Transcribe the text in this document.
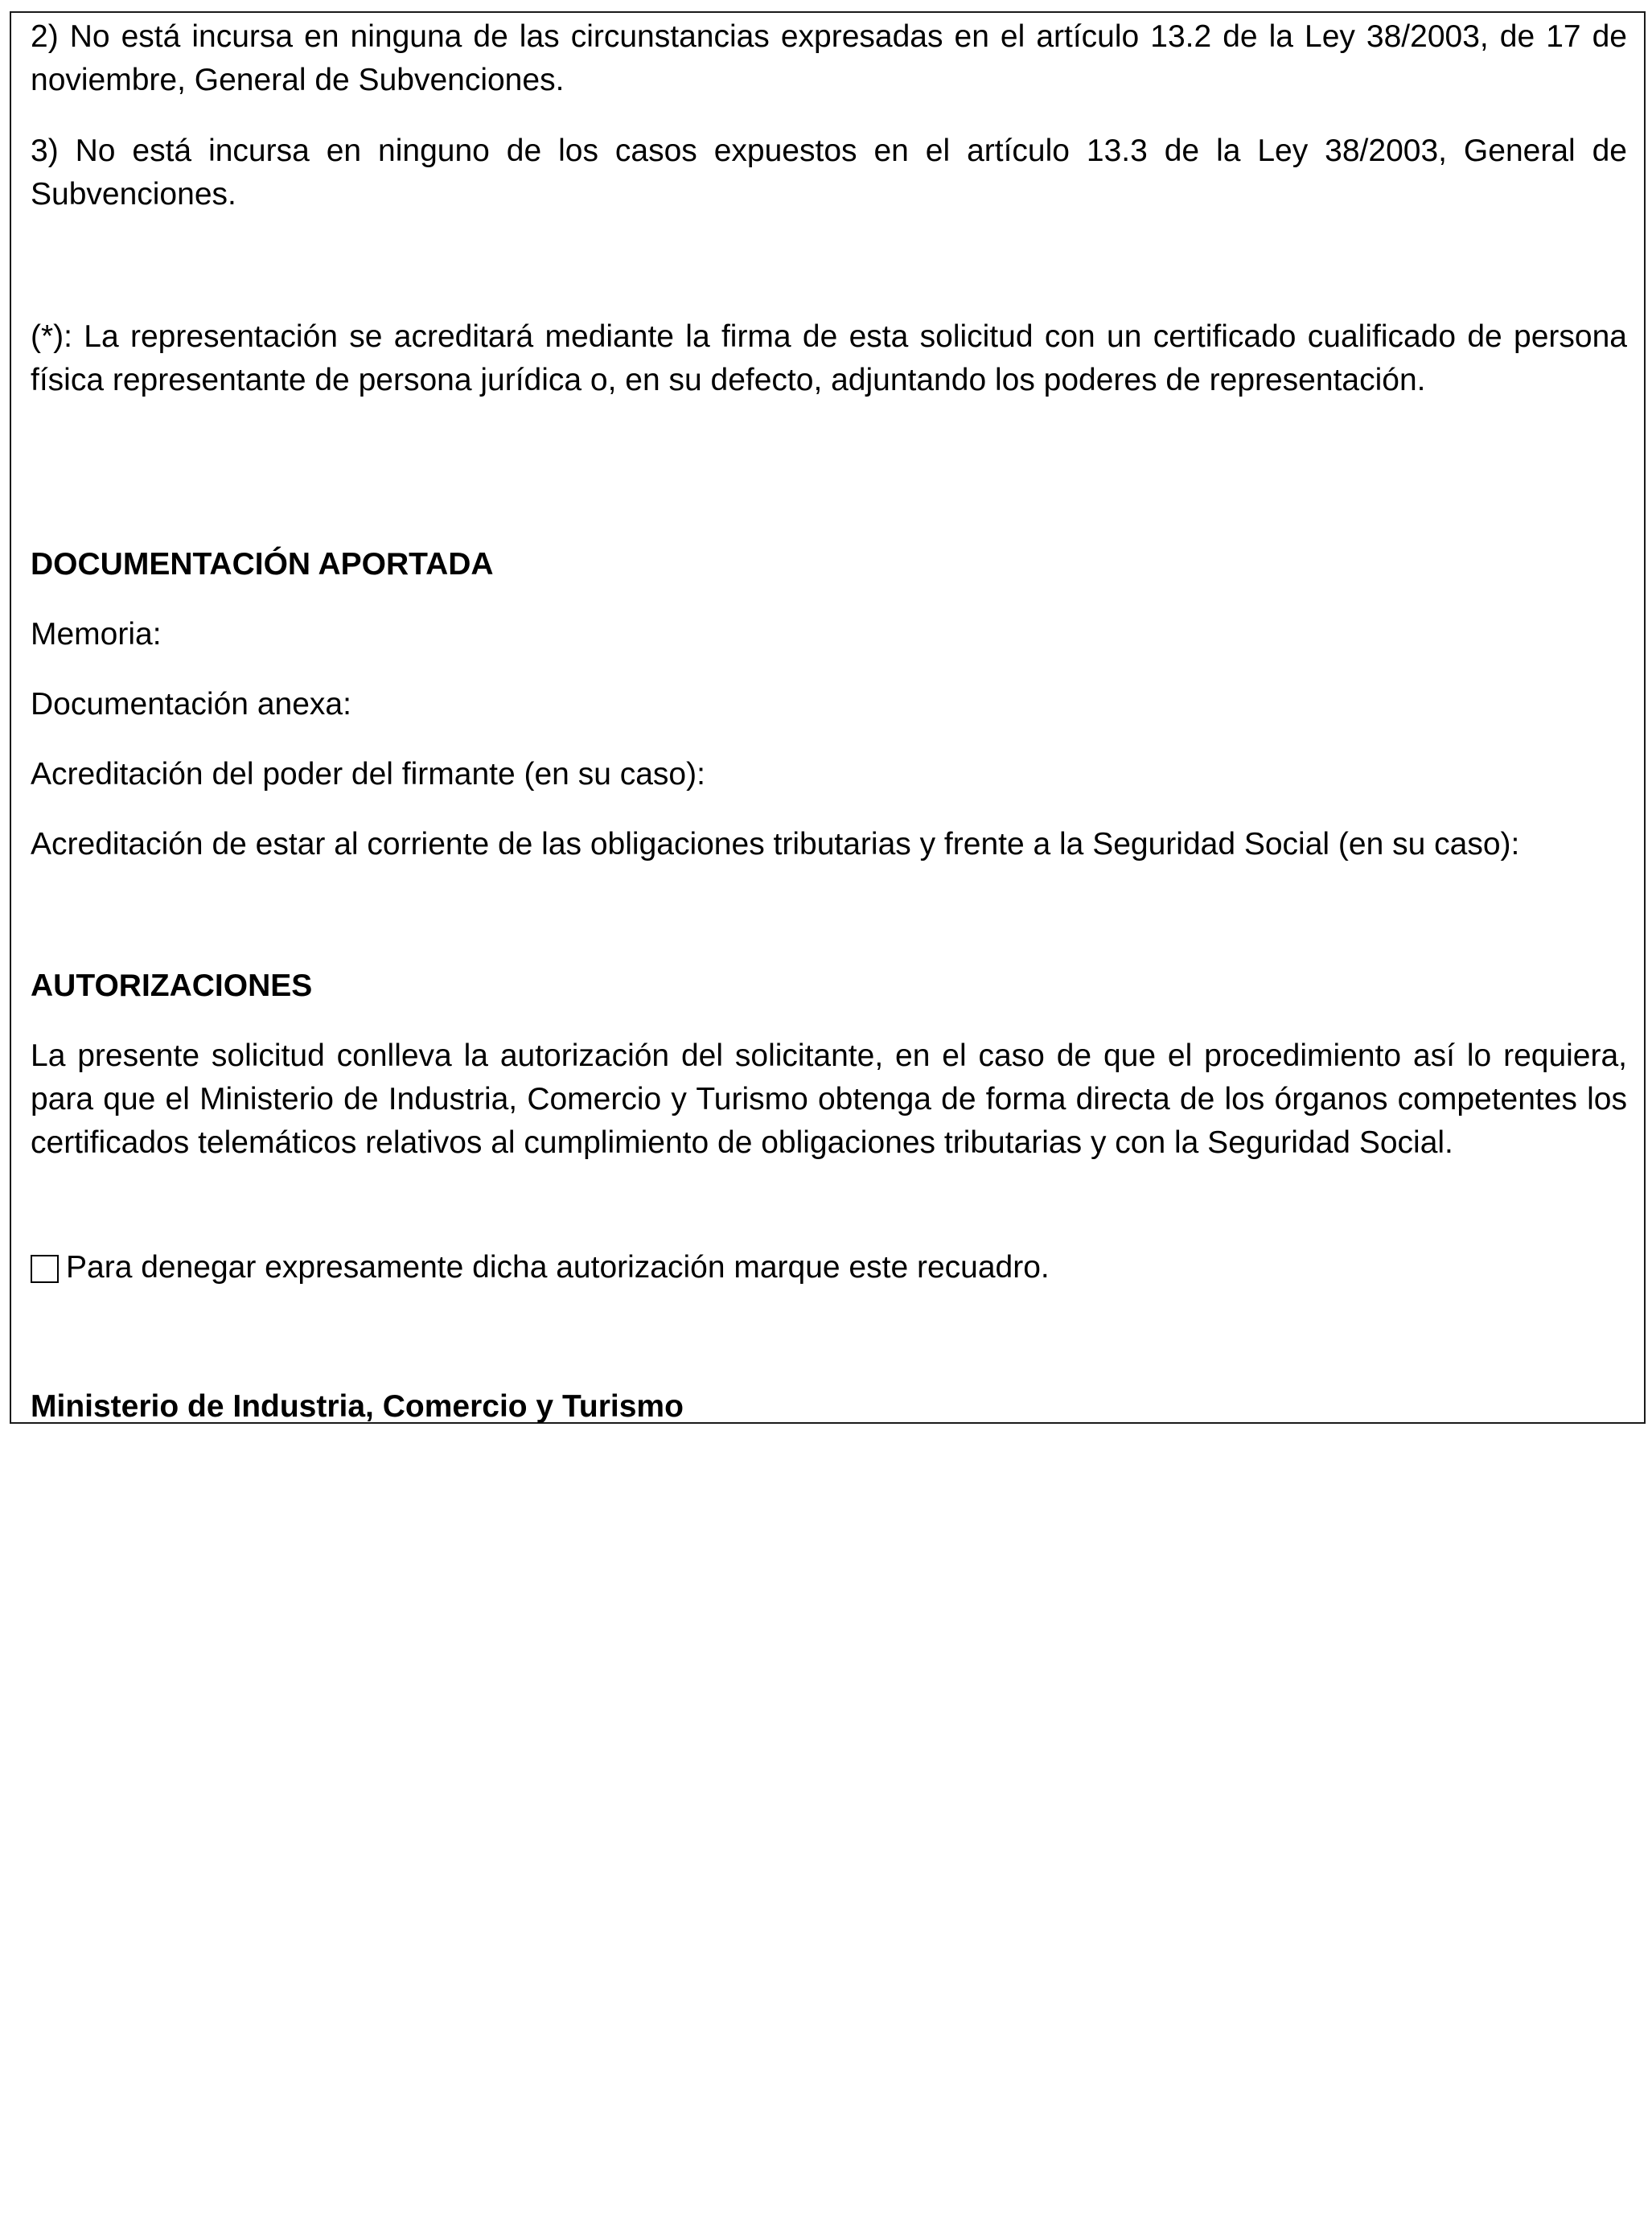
2) No está incursa en ninguna de las circunstancias expresadas en el artículo 13.2 de la Ley 38/2003, de 17 de noviembre, General de Subvenciones.

3) No está incursa en ninguno de los casos expuestos en el artículo 13.3 de la Ley 38/2003, General de Subvenciones.

(*): La representación se acreditará mediante la firma de esta solicitud con un certificado cualificado de persona física representante de persona jurídica o, en su defecto, adjuntando los poderes de representación.

DOCUMENTACIÓN APORTADA

Memoria:

Documentación anexa:

Acreditación del poder del firmante (en su caso):

Acreditación de estar al corriente de las obligaciones tributarias y frente a la Seguridad Social (en su caso):

AUTORIZACIONES

La presente solicitud conlleva la autorización del solicitante, en el caso de que el procedimiento así lo requiera, para que el Ministerio de Industria, Comercio y Turismo obtenga de forma directa de los órganos competentes los certificados telemáticos relativos al cumplimiento de obligaciones tributarias y con la Seguridad Social.

Para denegar expresamente dicha autorización marque este recuadro.

Ministerio de Industria, Comercio y Turismo
